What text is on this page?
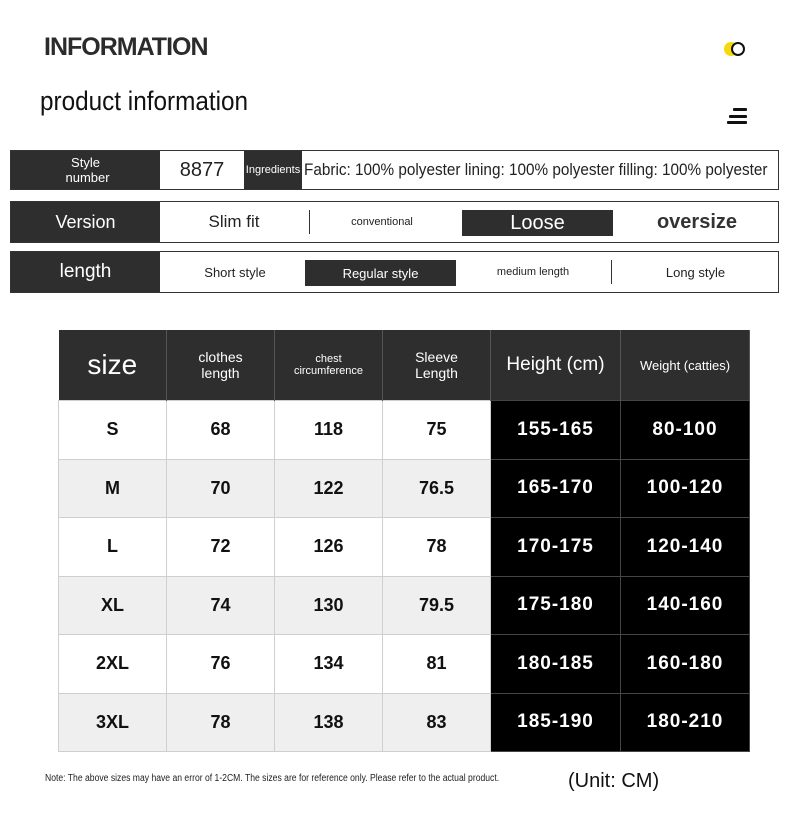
INFORMATION
product information
Style number	8877	Ingredients Fabric: 100% polyester lining: 100% polyester filling: 100% polyester
Version	Slim fit	conventional	Loose	oversize
length	Short style	Regular style	medium length	Long style
size	clothes length	chest circumference	Sleeve Length	Height (cm)	Weight (catties)
S	68	118	75	155-165	80-100
M	70	122	76.5	165-170	100-120
L	72	126	78	170-175	120-140
XL	74	130	79.5	175-180	140-160
2XL	76	134	81	180-185	160-180
3XL	78	138	83	185-190	180-210
Note: The above sizes may have an error of 1-2CM. The sizes are for reference only. Please refer to the actual product.	(Unit: CM)
